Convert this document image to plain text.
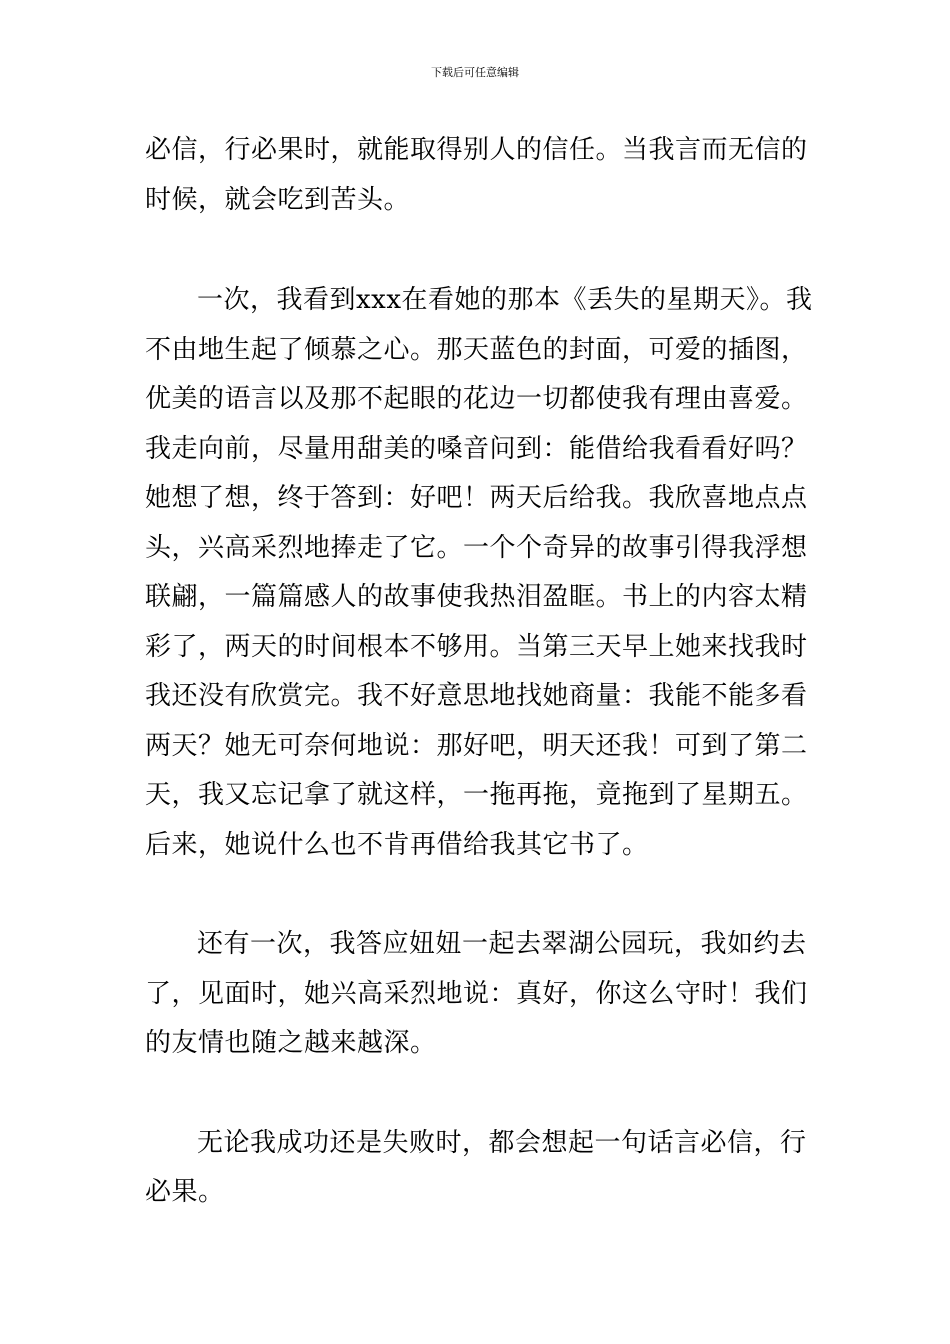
下载后可任意编辑
必信，行必果时，就能取得别人的信任。当我言而无信的
时候，就会吃到苦头。
一次，我看到xxx在看她的那本《丢失的星期天》。我
不由地生起了倾慕之心。那天蓝色的封面，可爱的插图，
优美的语言以及那不起眼的花边一切都使我有理由喜爱。
我走向前，尽量用甜美的嗓音问到：能借给我看看好吗？
她想了想，终于答到：好吧！两天后给我。我欣喜地点点
头，兴高采烈地捧走了它。一个个奇异的故事引得我浮想
联翩，一篇篇感人的故事使我热泪盈眶。书上的内容太精
彩了，两天的时间根本不够用。当第三天早上她来找我时
我还没有欣赏完。我不好意思地找她商量：我能不能多看
两天？她无可奈何地说：那好吧，明天还我！可到了第二
天，我又忘记拿了就这样，一拖再拖，竟拖到了星期五。
后来，她说什么也不肯再借给我其它书了。
还有一次，我答应妞妞一起去翠湖公园玩，我如约去
了，见面时，她兴高采烈地说：真好，你这么守时！我们
的友情也随之越来越深。
无论我成功还是失败时，都会想起一句话言必信，行
必果。
